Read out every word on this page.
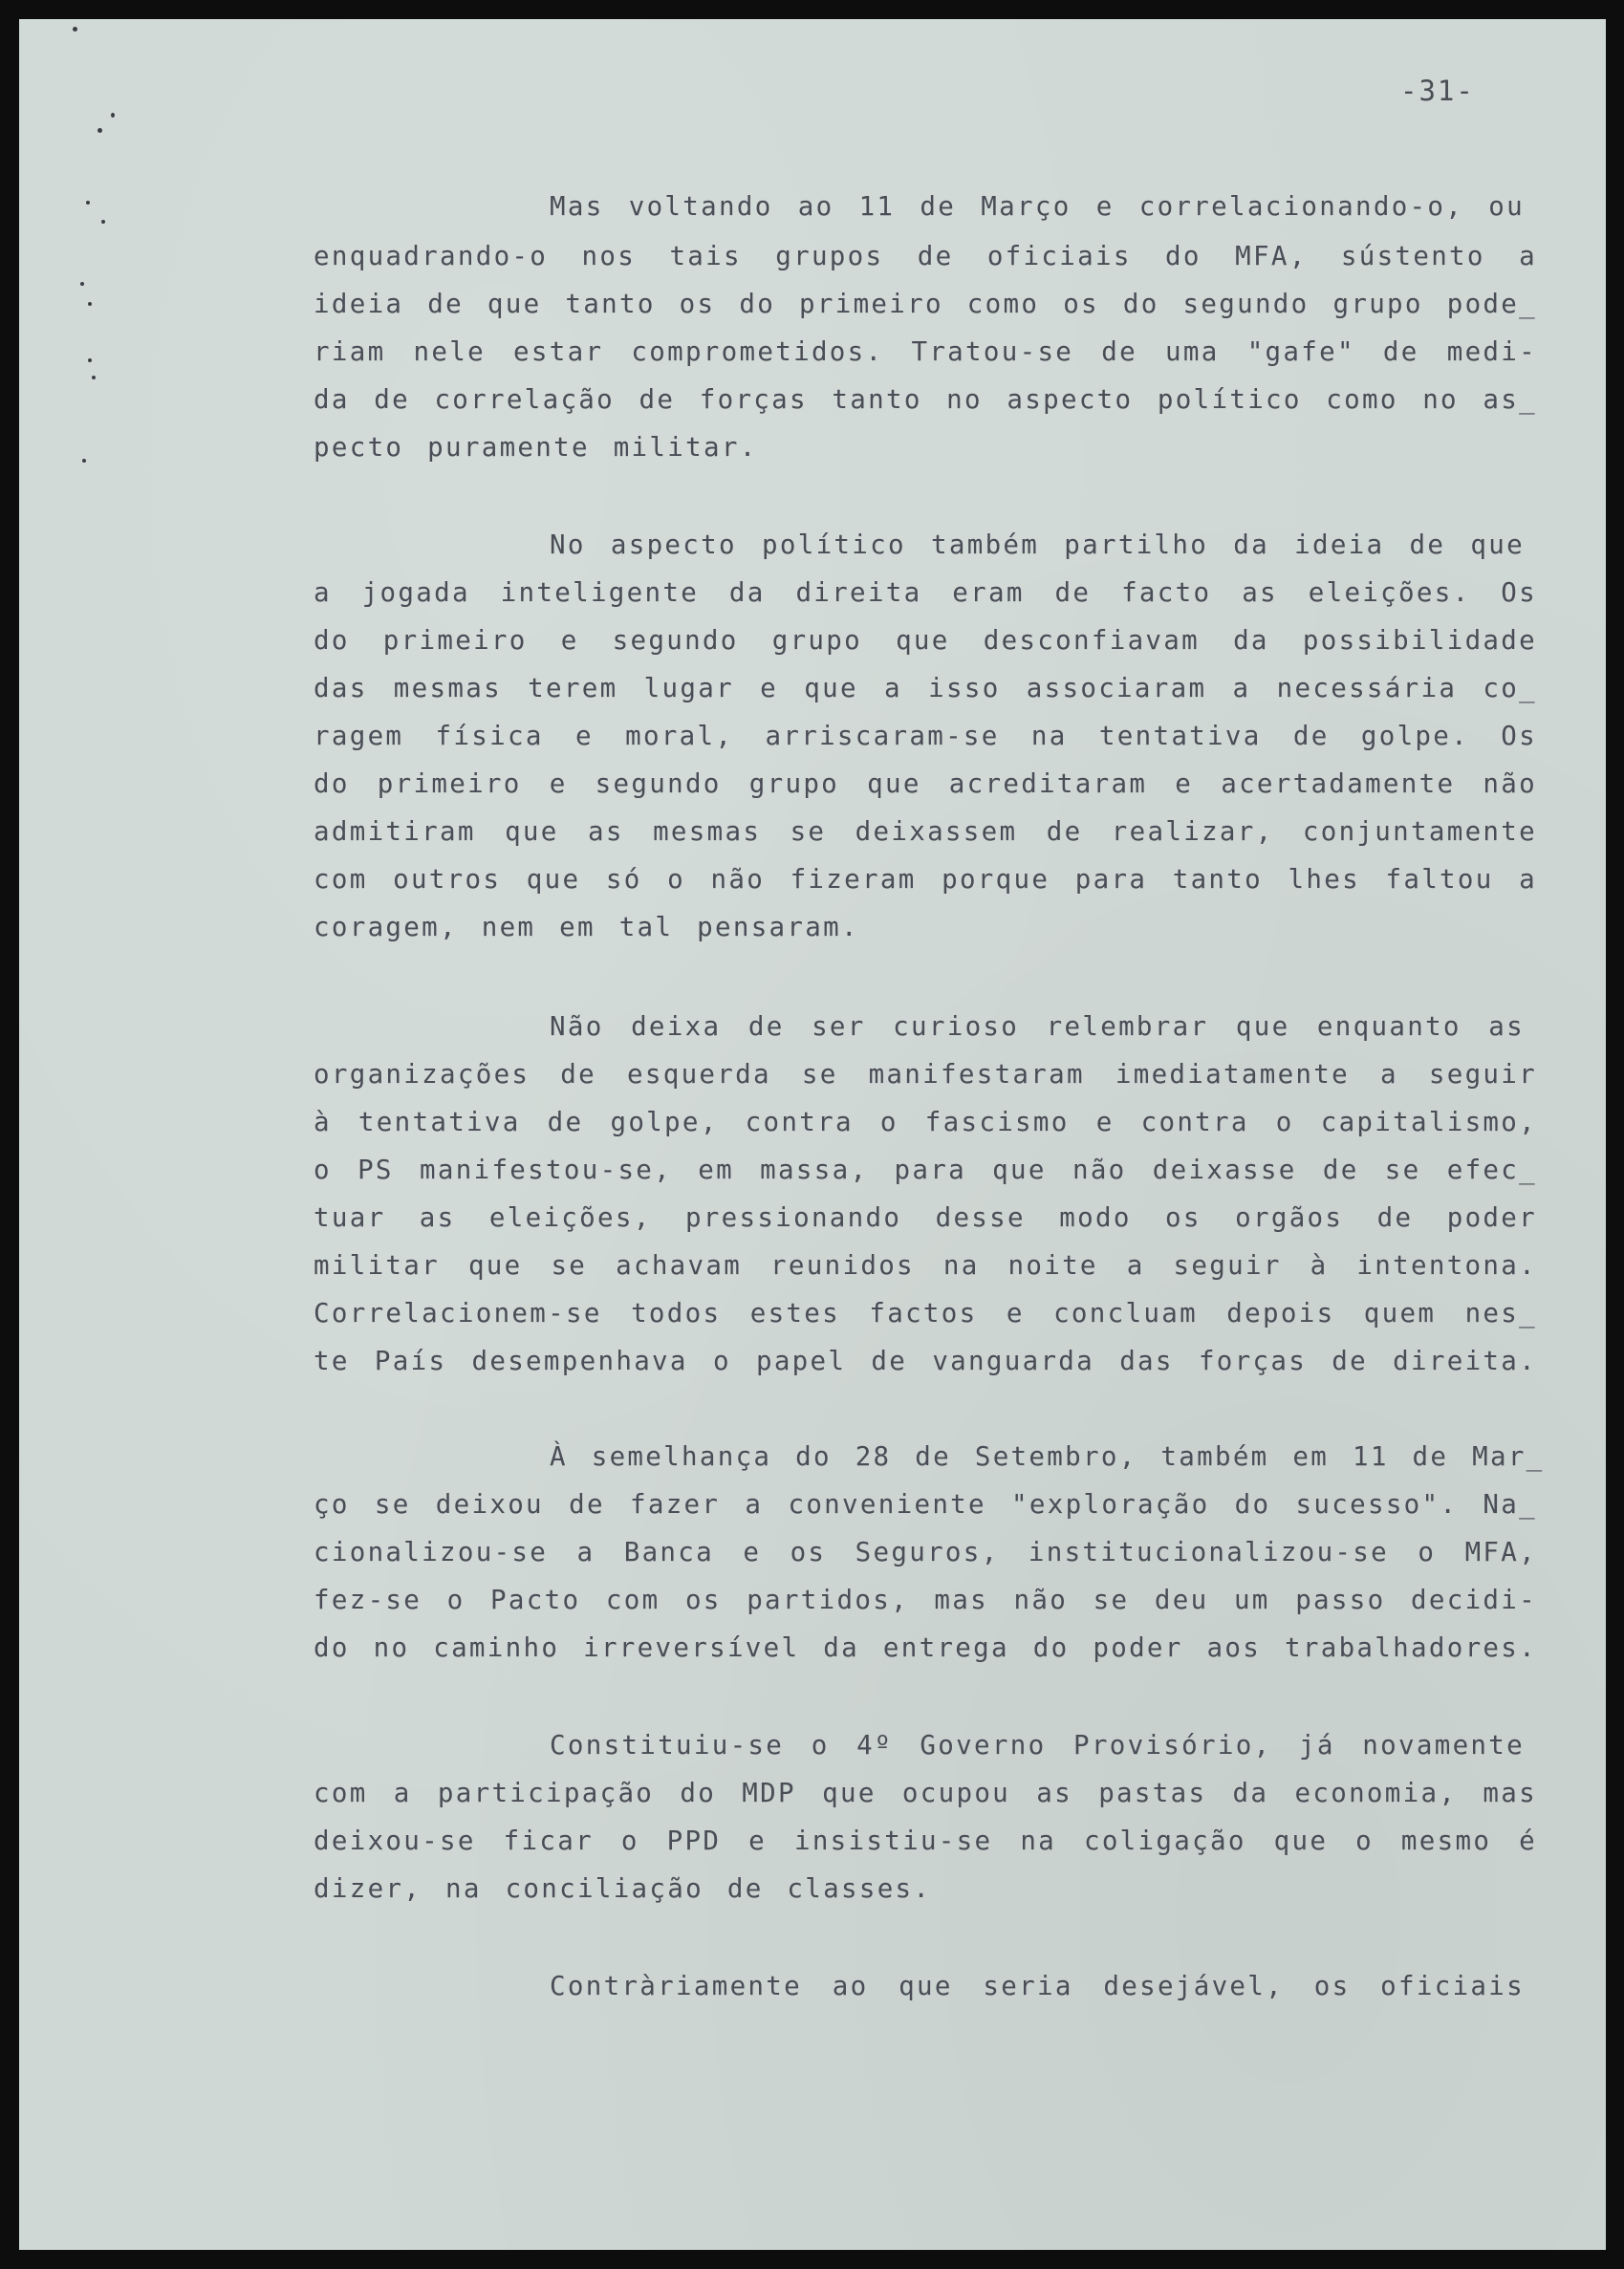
-31-
Mas voltando ao 11 de Março e correlacionando-o, ou
enquadrando-o nos tais grupos de oficiais do MFA, sústento a
ideia de que tanto os do primeiro como os do segundo grupo pode_
riam nele estar comprometidos. Tratou-se de uma "gafe" de medi-
da de correlação de forças tanto no aspecto político como no as_
pecto puramente militar.
No aspecto político também partilho da ideia de que
a jogada inteligente da direita eram de facto as eleições. Os
do primeiro e segundo grupo que desconfiavam da possibilidade
das mesmas terem lugar e que a isso associaram a necessária co_
ragem física e moral, arriscaram-se na tentativa de golpe. Os
do primeiro e segundo grupo que acreditaram e acertadamente não
admitiram que as mesmas se deixassem de realizar, conjuntamente
com outros que só o não fizeram porque para tanto lhes faltou a
coragem, nem em tal pensaram.
Não deixa de ser curioso relembrar que enquanto as
organizações de esquerda se manifestaram imediatamente a seguir
à tentativa de golpe, contra o fascismo e contra o capitalismo,
o PS manifestou-se, em massa, para que não deixasse de se efec_
tuar as eleições, pressionando desse modo os orgãos de poder
militar que se achavam reunidos na noite a seguir à intentona.
Correlacionem-se todos estes factos e concluam depois quem nes_
te País desempenhava o papel de vanguarda das forças de direita.
À semelhança do 28 de Setembro, também em 11 de Mar_
ço se deixou de fazer a conveniente "exploração do sucesso". Na_
cionalizou-se a Banca e os Seguros, institucionalizou-se o MFA,
fez-se o Pacto com os partidos, mas não se deu um passo decidi-
do no caminho irreversível da entrega do poder aos trabalhadores.
Constituiu-se o 4º Governo Provisório, já novamente
com a participação do MDP que ocupou as pastas da economia, mas
deixou-se ficar o PPD e insistiu-se na coligação que o mesmo é
dizer, na conciliação de classes.
Contràriamente ao que seria desejável, os oficiais
